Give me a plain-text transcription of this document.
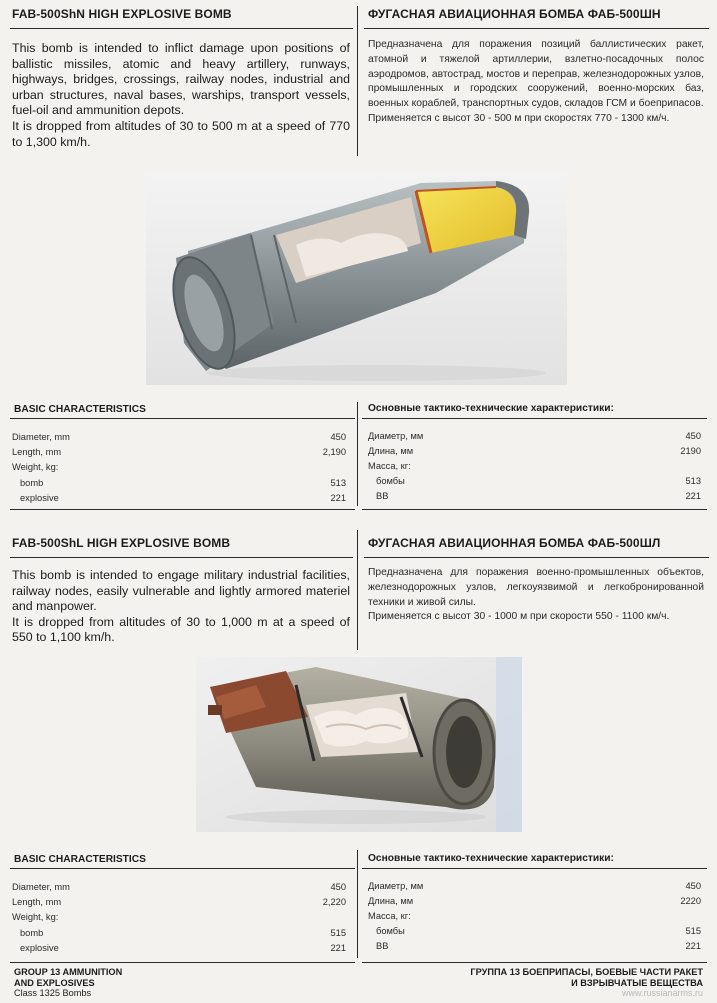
FAB-500ShN HIGH EXPLOSIVE BOMB
This bomb is intended to inflict damage upon positions of ballistic missiles, atomic and heavy artillery, runways, highways, bridges, crossings, railway nodes, industrial and urban structures, naval bases, warships, transport vessels, fuel-oil and ammunition depots.
It is dropped from altitudes of 30 to 500 m at a speed of 770 to 1,300 km/h.
ФУГАСНАЯ АВИАЦИОННАЯ БОМБА ФАБ-500ШН
Предназначена для поражения позиций баллистических ракет, атомной и тяжелой артиллерии, взлетно-посадочных полос аэродромов, автострад, мостов и переправ, железнодорожных узлов, промышленных и городских сооружений, военно-морских баз, военных кораблей, транспортных судов, складов ГСМ и боеприпасов.
Применяется с высот 30 - 500 м при скоростях 770 - 1300 км/ч.
BASIC CHARACTERISTICS	Основные тактико-технические характеристики:
Diameter, mm	450
Length, mm	2,190
Weight, kg:
bomb	513
explosive	221
Диаметр, мм	450
Длина, мм	2190
Масса, кг:
бомбы	513
ВВ	221
FAB-500ShL HIGH EXPLOSIVE BOMB
This bomb is intended to engage military industrial facilities, railway nodes, easily vulnerable and lightly armored materiel and manpower.
It is dropped from altitudes of 30 to 1,000 m at a speed of 550 to 1,100 km/h.
ФУГАСНАЯ АВИАЦИОННАЯ БОМБА ФАБ-500ШЛ
Предназначена для поражения военно-промышленных объектов, железнодорожных узлов, легкоуязвимой и легкобронированной техники и живой силы.
Применяется с высот 30 - 1000 м при скорости 550 - 1100 км/ч.
BASIC CHARACTERISTICS	Основные тактико-технические характеристики:
Diameter, mm	450
Length, mm	2,220
Weight, kg:
bomb	515
explosive	221
Диаметр, мм	450
Длина, мм	2220
Масса, кг:
бомбы	515
ВВ	221
GROUP 13 AMMUNITION
AND EXPLOSIVES
Class 1325 Bombs
ГРУППА 13 БОЕПРИПАСЫ, БОЕВЫЕ ЧАСТИ РАКЕТ
И ВЗРЫВЧАТЫЕ ВЕЩЕСТВА
www.russianarms.ru
